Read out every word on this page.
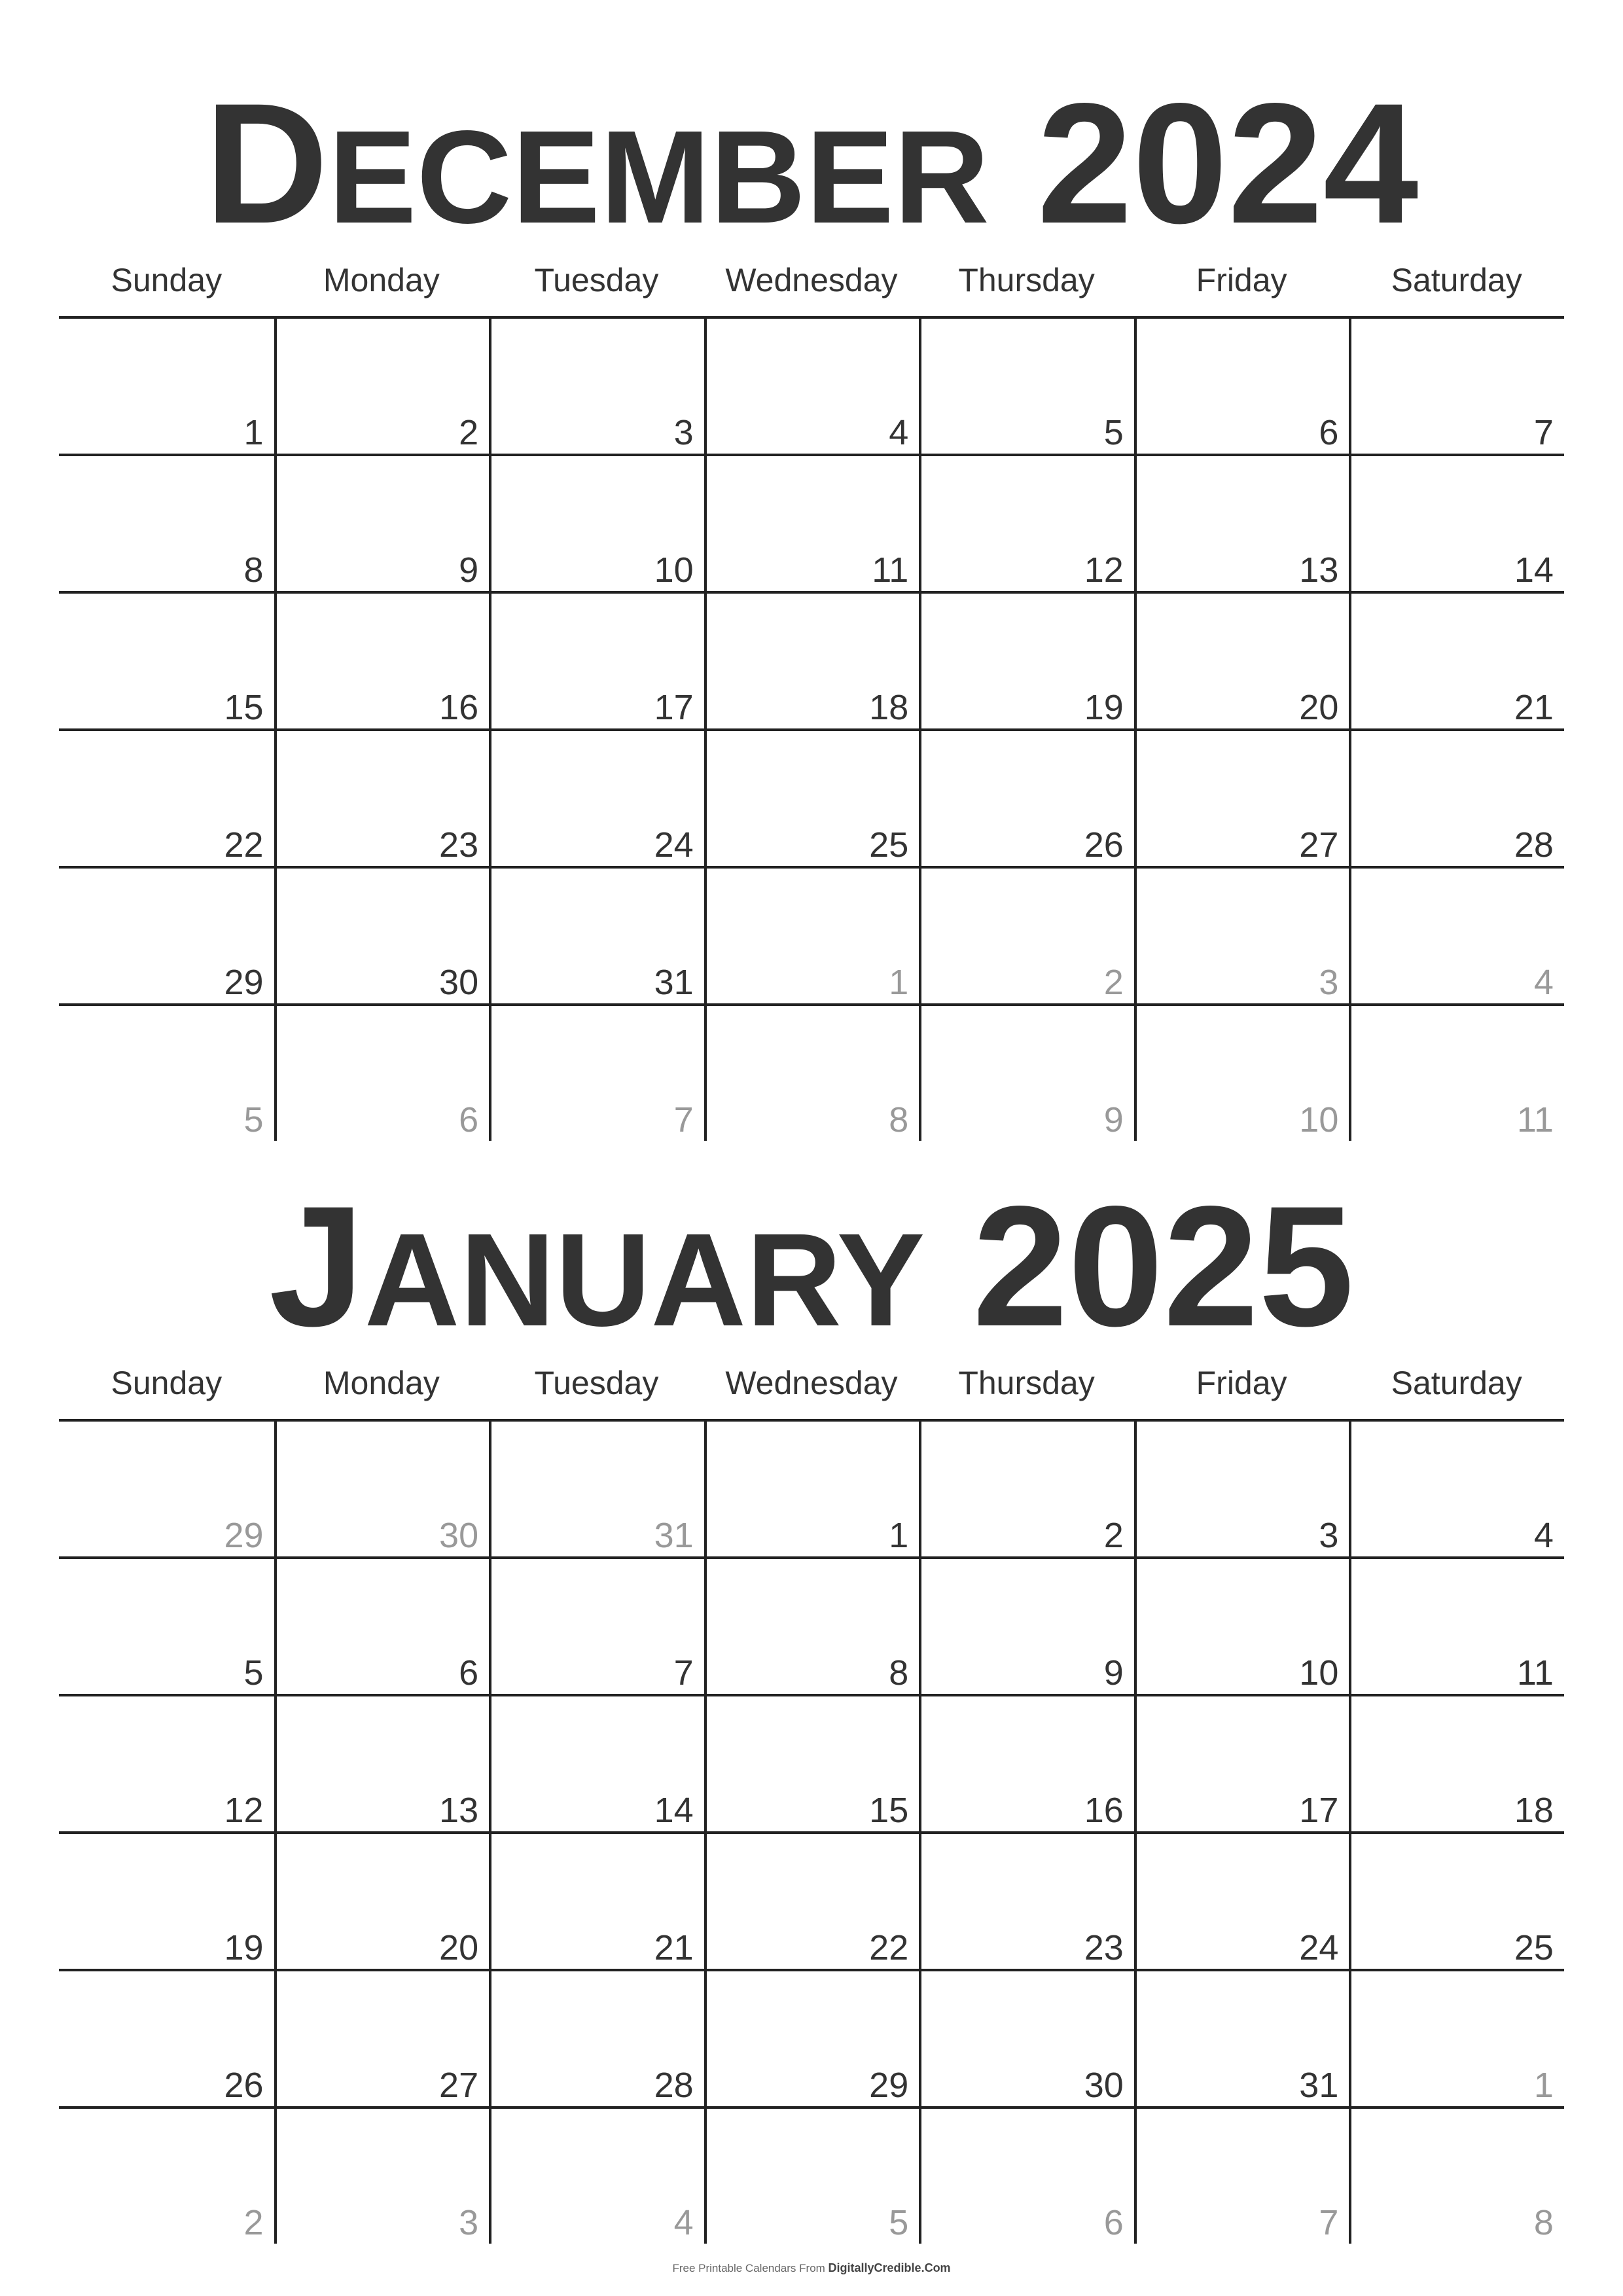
DECEMBER 2024
Sunday	Monday	Tuesday	Wednesday	Thursday	Friday	Saturday
1	2	3	4	5	6	7
8	9	10	11	12	13	14
15	16	17	18	19	20	21
22	23	24	25	26	27	28
29	30	31	1	2	3	4
5	6	7	8	9	10	11
JANUARY 2025
Sunday	Monday	Tuesday	Wednesday	Thursday	Friday	Saturday
29	30	31	1	2	3	4
5	6	7	8	9	10	11
12	13	14	15	16	17	18
19	20	21	22	23	24	25
26	27	28	29	30	31	1
2	3	4	5	6	7	8
Free Printable Calendars From DigitallyCredible.Com
